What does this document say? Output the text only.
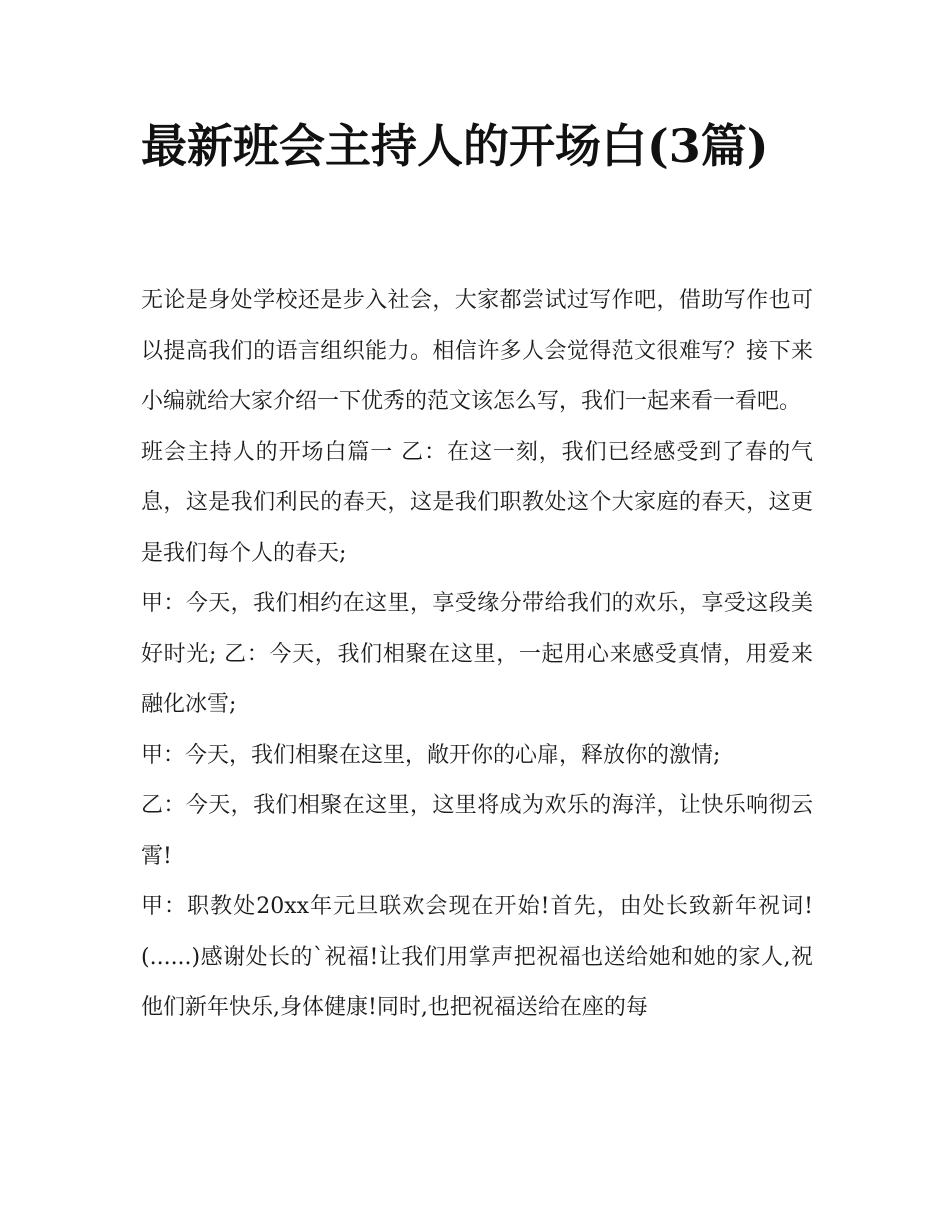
最新班会主持人的开场白(3篇)

无论是身处学校还是步入社会，大家都尝试过写作吧，借助写作也可以提高我们的语言组织能力。相信许多人会觉得范文很难写？接下来小编就给大家介绍一下优秀的范文该怎么写，我们一起来看一看吧。

班会主持人的开场白篇一 乙：在这一刻，我们已经感受到了春的气息，这是我们利民的春天，这是我们职教处这个大家庭的春天，这更是我们每个人的春天;

甲：今天，我们相约在这里，享受缘分带给我们的欢乐，享受这段美好时光; 乙：今天，我们相聚在这里，一起用心来感受真情，用爱来融化冰雪;

甲：今天，我们相聚在这里，敞开你的心扉，释放你的激情;

乙：今天，我们相聚在这里，这里将成为欢乐的海洋，让快乐响彻云霄!

甲：职教处20xx年元旦联欢会现在开始!首先，由处长致新年祝词!(......)感谢处长的`祝福!让我们用掌声把祝福也送给她和她的家人,祝他们新年快乐,身体健康!同时,也把祝福送给在座的每
